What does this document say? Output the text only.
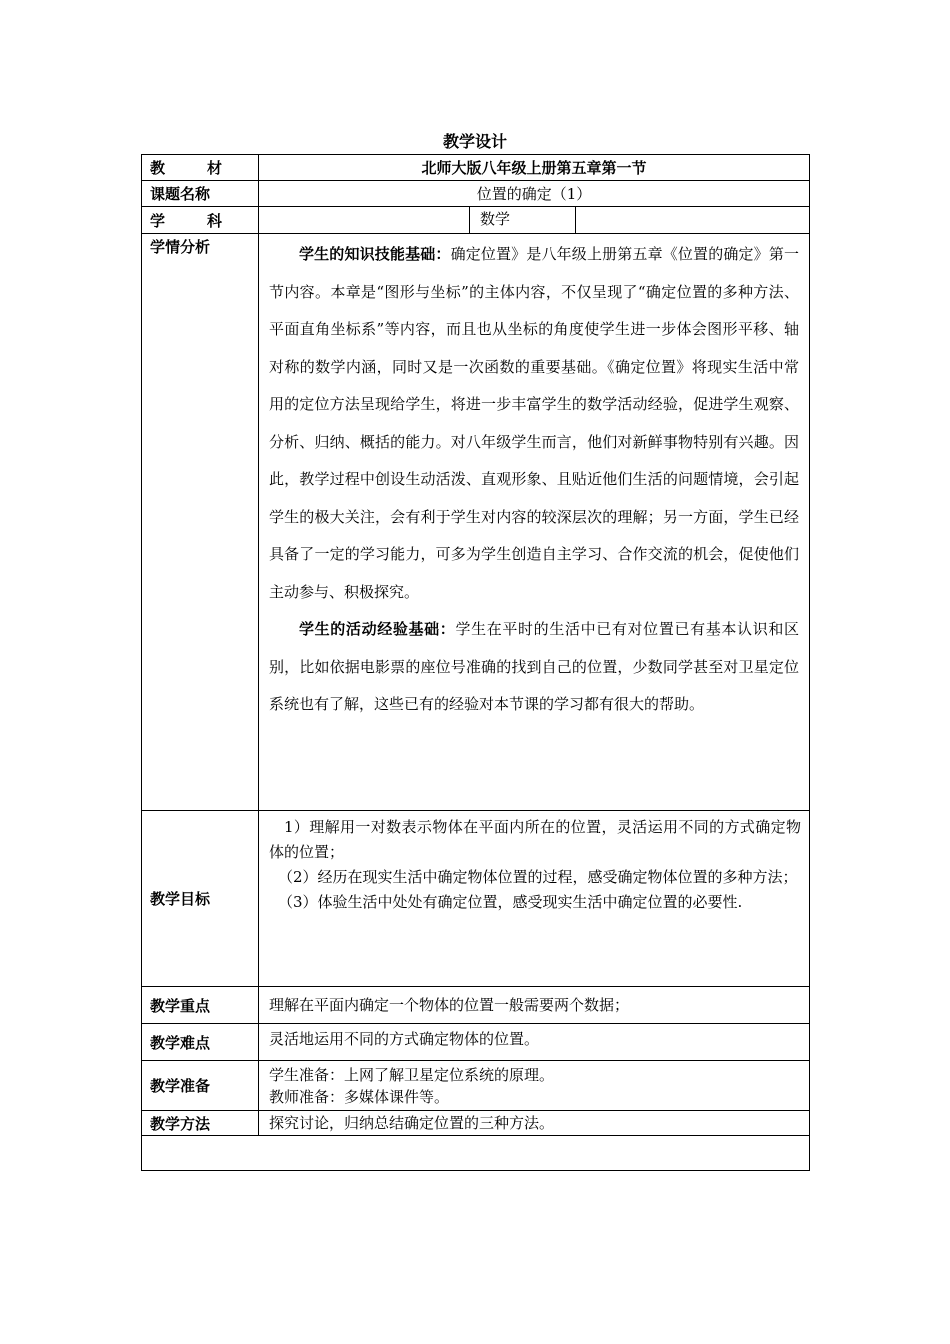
教学设计
教 材	北师大版八年级上册第五章第一节
课题名称	位置的确定（1）

学 科	数学

学情分析	学生的知识技能基础：确定位置》是八年级上册第五章《位置的确定》第一节内容。本章是“图形与坐标”的主体内容，不仅呈现了“确定位置的多种方法、平面直角坐标系”等内容，而且也从坐标的角度使学生进一步体会图形平移、轴对称的数学内涵，同时又是一次函数的重要基础。《确定位置》将现实生活中常用的定位方法呈现给学生，将进一步丰富学生的数学活动经验，促进学生观察、分析、归纳、概括的能力。对八年级学生而言，他们对新鲜事物特别有兴趣。因此，教学过程中创设生动活泼、直观形象、且贴近他们生活的问题情境，会引起学生的极大关注，会有利于学生对内容的较深层次的理解；另一方面，学生已经具备了一定的学习能力，可多为学生创造自主学习、合作交流的机会，促使他们主动参与、积极探究。

学生的活动经验基础：学生在平时的生活中已有对位置已有基本认识和区别，比如依据电影票的座位号准确的找到自己的位置，少数同学甚至对卫星定位系统也有了解，这些已有的经验对本节课的学习都有很大的帮助。

教学目标	1）理解用一对数表示物体在平面内所在的位置，灵活运用不同的方式确定物体的位置；

（2）经历在现实生活中确定物体位置的过程，感受确定物体位置的多种方法；

（3）体验生活中处处有确定位置，感受现实生活中确定位置的必要性.

教学重点	理解在平面内确定一个物体的位置一般需要两个数据；
教学难点	灵活地运用不同的方式确定物体的位置。
教学准备	学生准备：上网了解卫星定位系统的原理。
教师准备：多媒体课件等。

教学方法	探究讨论，归纳总结确定位置的三种方法。
